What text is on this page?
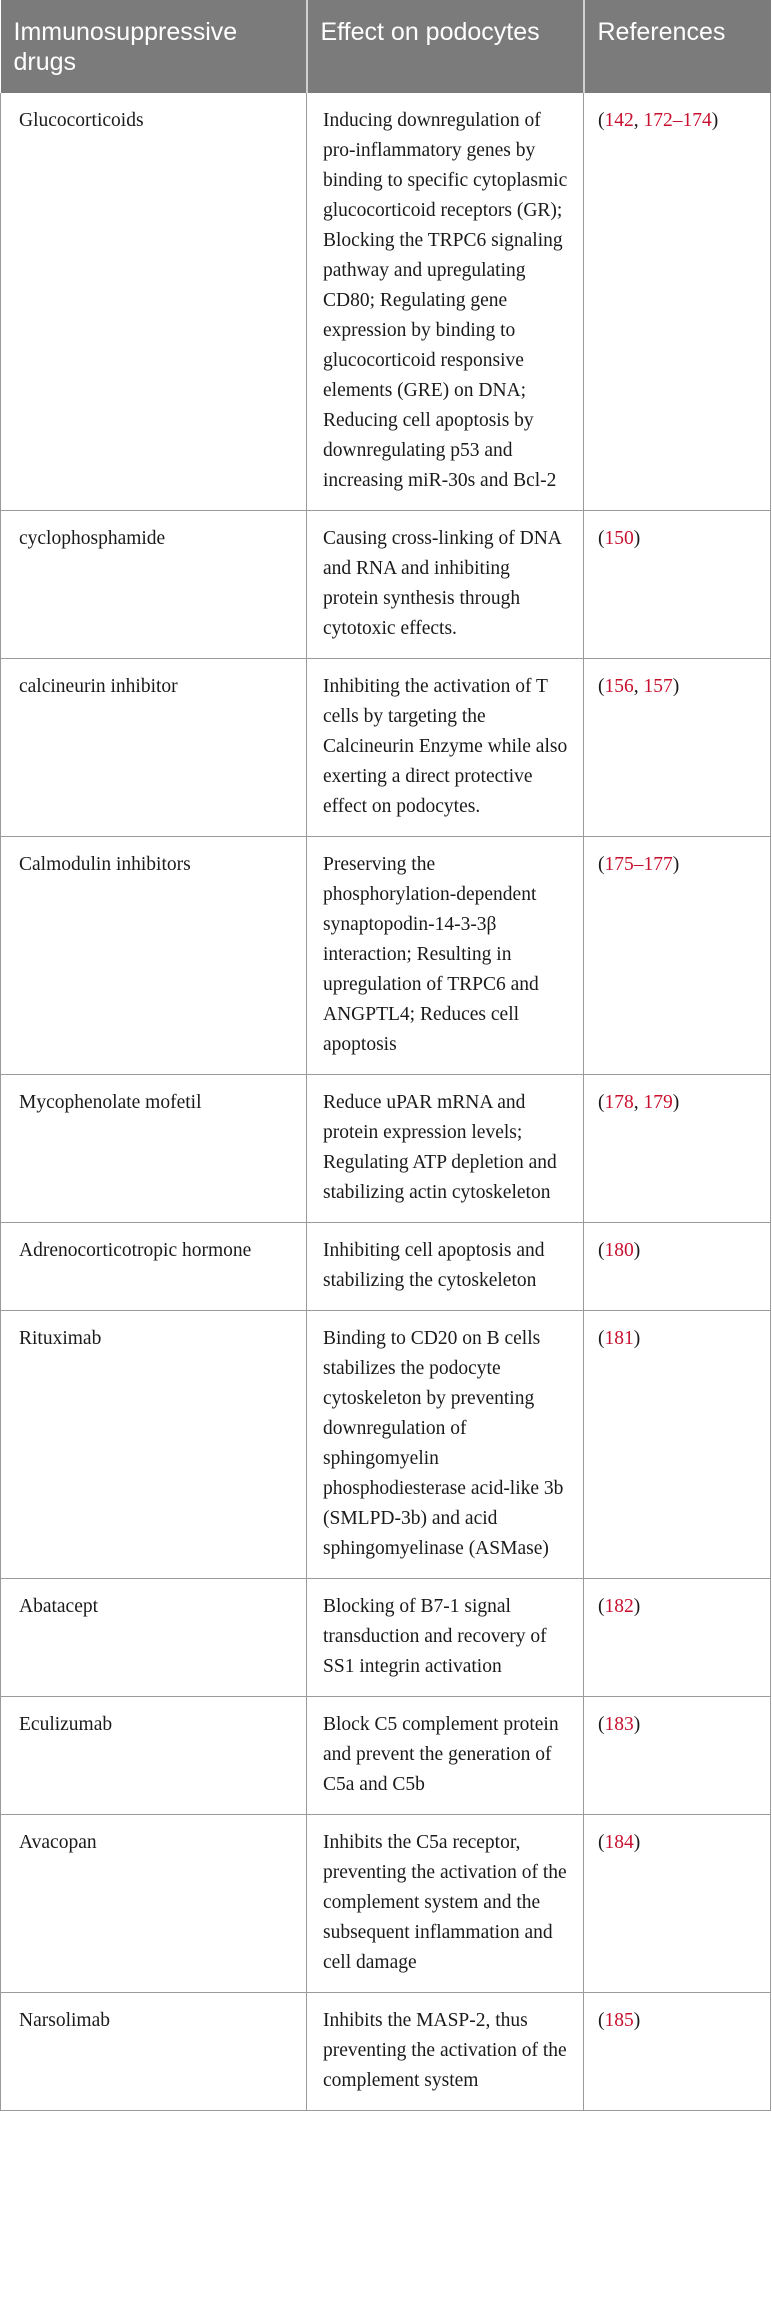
Immunosuppressive drugs	Effect on podocytes	References
Glucocorticoids	Inducing downregulation of pro-inflammatory genes by binding to specific cytoplasmic glucocorticoid receptors (GR); Blocking the TRPC6 signaling pathway and upregulating CD80; Regulating gene expression by binding to glucocorticoid responsive elements (GRE) on DNA; Reducing cell apoptosis by downregulating p53 and increasing miR-30s and Bcl-2	(142, 172–174)
cyclophosphamide	Causing cross-linking of DNA and RNA and inhibiting protein synthesis through cytotoxic effects.	(150)
calcineurin inhibitor	Inhibiting the activation of T cells by targeting the Calcineurin Enzyme while also exerting a direct protective effect on podocytes.	(156, 157)
Calmodulin inhibitors	Preserving the phosphorylation-dependent synaptopodin-14-3-3β interaction; Resulting in upregulation of TRPC6 and ANGPTL4; Reduces cell apoptosis	(175–177)
Mycophenolate mofetil	Reduce uPAR mRNA and protein expression levels; Regulating ATP depletion and stabilizing actin cytoskeleton	(178, 179)
Adrenocorticotropic hormone	Inhibiting cell apoptosis and stabilizing the cytoskeleton	(180)
Rituximab	Binding to CD20 on B cells stabilizes the podocyte cytoskeleton by preventing downregulation of sphingomyelin phosphodiesterase acid-like 3b (SMLPD-3b) and acid sphingomyelinase (ASMase)	(181)
Abatacept	Blocking of B7-1 signal transduction and recovery of SS1 integrin activation	(182)
Eculizumab	Block C5 complement protein and prevent the generation of C5a and C5b	(183)
Avacopan	Inhibits the C5a receptor, preventing the activation of the complement system and the subsequent inflammation and cell damage	(184)
Narsolimab	Inhibits the MASP-2, thus preventing the activation of the complement system	(185)
